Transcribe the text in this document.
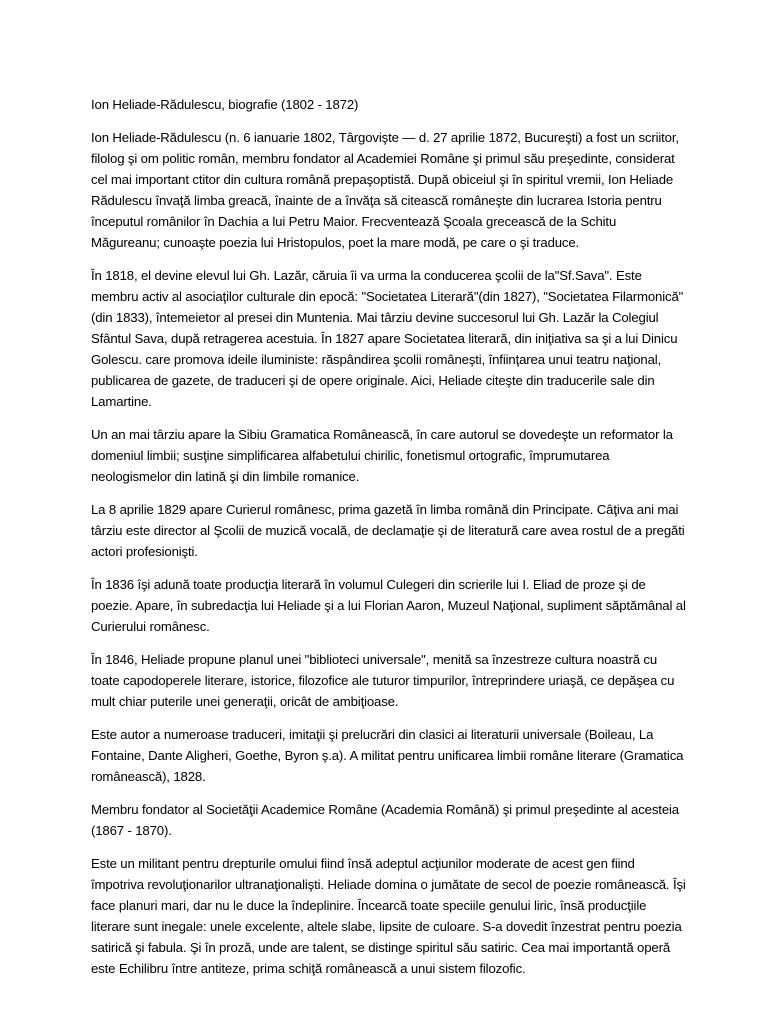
Ion Heliade-Rădulescu, biografie (1802 - 1872)

Ion Heliade-Rădulescu (n. 6 ianuarie 1802, Târgovişte — d. 27 aprilie 1872, Bucureşti) a fost un scriitor, filolog şi om politic român, membru fondator al Academiei Române şi primul său preşedinte, considerat cel mai important ctitor din cultura română prepaşoptistă. După obiceiul şi în spiritul vremii, Ion Heliade Rădulescu învaţă limba greacă, înainte de a învăţa să citească româneşte din lucrarea Istoria pentru începutul românilor în Dachia a lui Petru Maior. Frecventează Şcoala grecească de la Schitu Măgureanu; cunoaşte poezia lui Hristopulos, poet la mare modă, pe care o şi traduce.

În 1818, el devine elevul lui Gh. Lazăr, căruia îi va urma la conducerea şcolii de la"Sf.Sava". Este membru activ al asociaţilor culturale din epocă: "Societatea Literară"(din 1827), "Societatea Filarmonică" (din 1833), întemeietor al presei din Muntenia. Mai târziu devine succesorul lui Gh. Lazăr la Colegiul Sfântul Sava, după retragerea acestuia. În 1827 apare Societatea literară, din iniţiativa sa şi a lui Dinicu Golescu. care promova ideile iluministe: răspândirea şcolii româneşti, înfiinţarea unui teatru naţional, publicarea de gazete, de traduceri şi de opere originale. Aici, Heliade citeşte din traducerile sale din Lamartine.

Un an mai târziu apare la Sibiu Gramatica Românească, în care autorul se dovedeşte un reformator la domeniul limbii; susţine simplificarea alfabetului chirilic, fonetismul ortografic, împrumutarea neologismelor din latină şi din limbile romanice.

La 8 aprilie 1829 apare Curierul românesc, prima gazetă în limba română din Principate. Câţiva ani mai târziu este director al Şcolii de muzică vocală, de declamaţie şi de literatură care avea rostul de a pregăti actori profesionişti.

În 1836 îşi adună toate producţia literară în volumul Culegeri din scrierile lui I. Eliad de proze şi de poezie. Apare, în subredacţia lui Heliade şi a lui Florian Aaron, Muzeul Naţional, supliment săptămânal al Curierului românesc.

În 1846, Heliade propune planul unei "biblioteci universale", menită sa înzestreze cultura noastră cu toate capodoperele literare, istorice, filozofice ale tuturor timpurilor, întreprindere uriaşă, ce depăşea cu mult chiar puterile unei generaţii, oricât de ambiţioase.

Este autor a numeroase traduceri, imitaţii şi prelucrări din clasici ai literaturii universale (Boileau, La Fontaine, Dante Aligheri, Goethe, Byron ş.a). A militat pentru unificarea limbii române literare (Gramatica românească), 1828.

Membru fondator al Societăţii Academice Române (Academia Română) şi primul preşedinte al acesteia (1867 - 1870).

Este un militant pentru drepturile omului fiind însă adeptul acţiunilor moderate de acest gen fiind împotriva revoluţionarilor ultranaţionalişti. Heliade domina o jumătate de secol de poezie românească. Îşi face planuri mari, dar nu le duce la îndeplinire. Încearcă toate speciile genului liric, însă producţiile literare sunt inegale: unele excelente, altele slabe, lipsite de culoare. S-a dovedit înzestrat pentru poezia satirică şi fabula. Şi în proză, unde are talent, se distinge spiritul său satiric. Cea mai importantă operă este Echilibru între antiteze, prima schiţă românească a unui sistem filozofic.
